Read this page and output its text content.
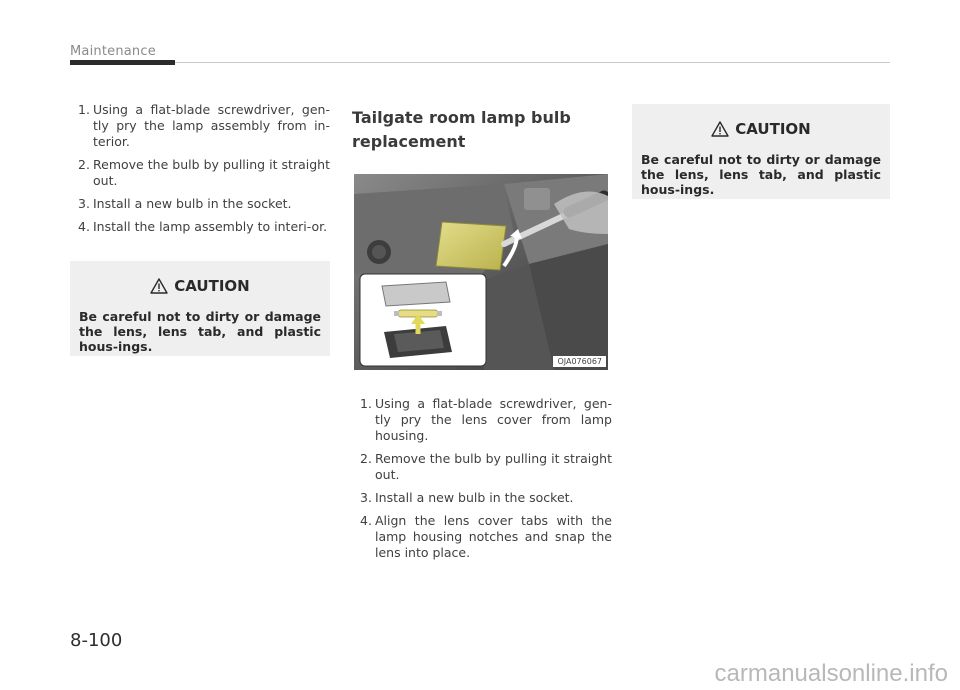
Maintenance
1. Using a flat-blade screwdriver, gen-tly pry the lamp assembly from in-terior.
2. Remove the bulb by pulling it straight out.
3. Install a new bulb in the socket.
4. Install the lamp assembly to interi-or.
CAUTION
Be careful not to dirty or damage the lens, lens tab, and plastic hous-ings.
Tailgate room lamp bulb replacement
OJA076067
1. Using a flat-blade screwdriver, gen-tly pry the lens cover from lamp housing.
2. Remove the bulb by pulling it straight out.
3. Install a new bulb in the socket.
4. Align the lens cover tabs with the lamp housing notches and snap the lens into place.
CAUTION
Be careful not to dirty or damage the lens, lens tab, and plastic hous-ings.
8-100
carmanualsonline.info
